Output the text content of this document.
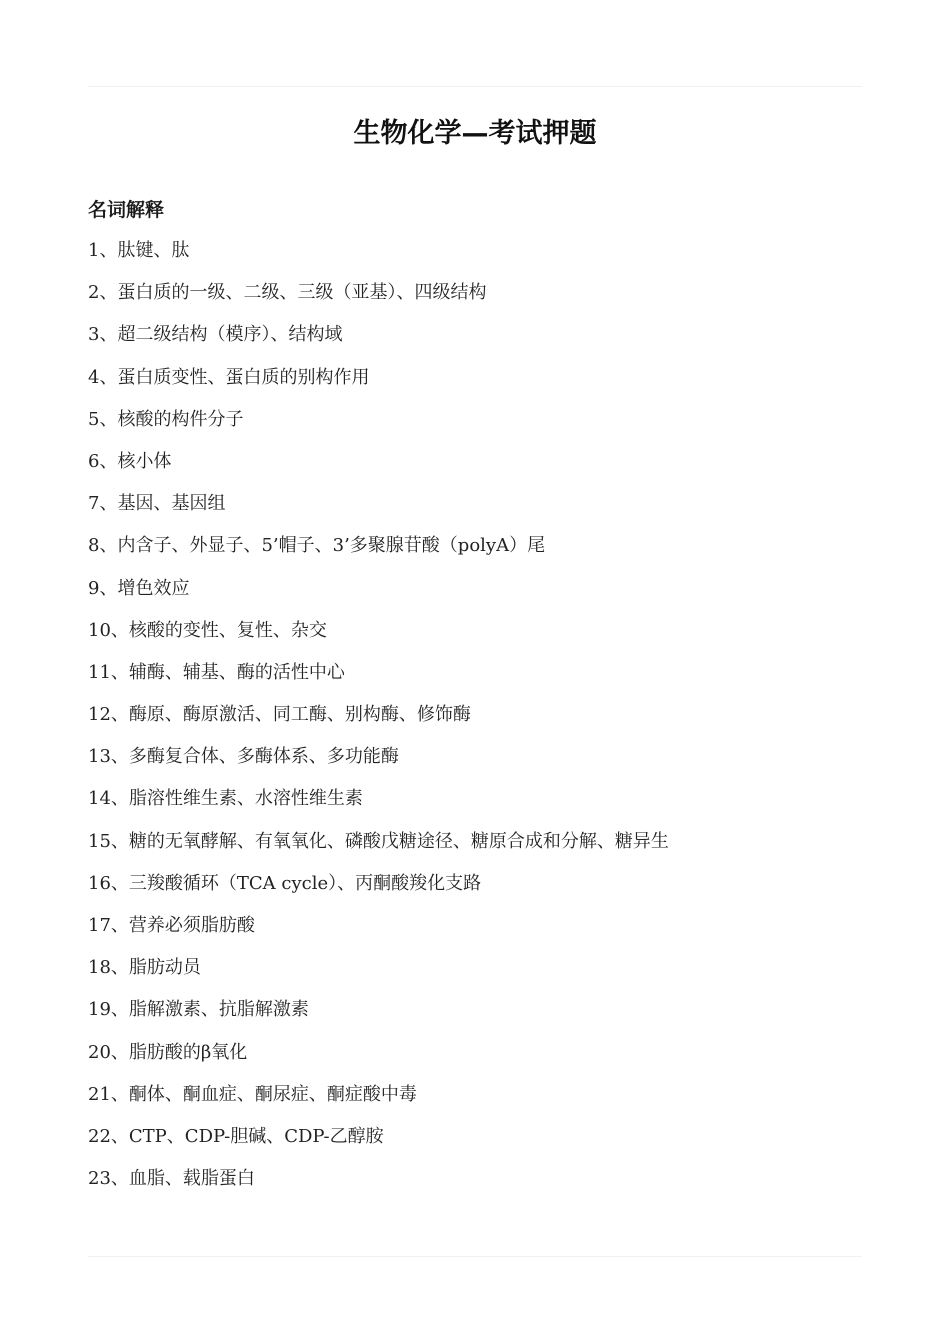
生物化学—考试押题
名词解释
1、肽键、肽
2、蛋白质的一级、二级、三级（亚基）、四级结构
3、超二级结构（模序）、结构域
4、蛋白质变性、蛋白质的别构作用
5、核酸的构件分子
6、核小体
7、基因、基因组
8、内含子、外显子、5’帽子、3’多聚腺苷酸（polyA）尾
9、增色效应
10、核酸的变性、复性、杂交
11、辅酶、辅基、酶的活性中心
12、酶原、酶原激活、同工酶、别构酶、修饰酶
13、多酶复合体、多酶体系、多功能酶
14、脂溶性维生素、水溶性维生素
15、糖的无氧酵解、有氧氧化、磷酸戊糖途径、糖原合成和分解、糖异生
16、三羧酸循环（TCA cycle）、丙酮酸羧化支路
17、营养必须脂肪酸
18、脂肪动员
19、脂解激素、抗脂解激素
20、脂肪酸的β氧化
21、酮体、酮血症、酮尿症、酮症酸中毒
22、CTP、CDP-胆碱、CDP-乙醇胺
23、血脂、载脂蛋白
